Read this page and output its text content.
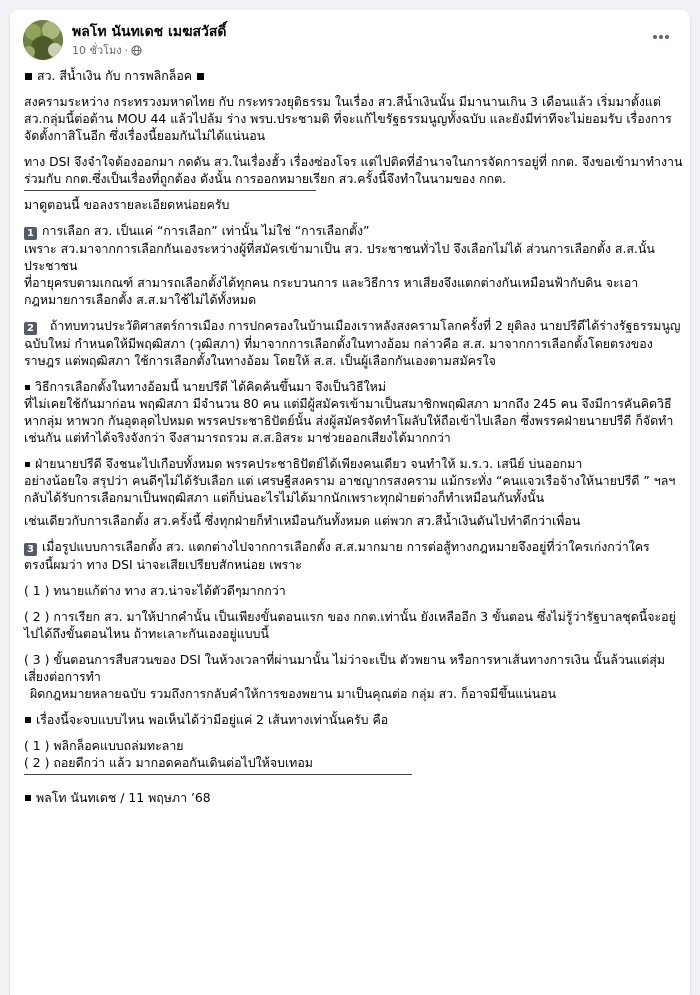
พลโท นันทเดช เมฆสวัสดิ์
10 ชั่วโมง ·

สว. สีน้ำเงิน กับ การพลิกล็อค

สงครามระหว่าง กระทรวงมหาดไทย กับ กระทรวงยุติธรรม ในเรื่อง สว.สีน้ำเงินนั้น มีมานานเกิน 3 เดือนแล้ว เริ่มมาตั้งแต่ สว.กลุ่มนี้ต่อต้าน MOU 44 แล้วไปล้ม ร่าง พรบ.ประชามติ ที่จะแก้ไขรัฐธรรมนูญทั้งฉบับ และยังมีท่าทีจะไม่ยอมรับ เรื่องการจัดตั้งกาสิโนอีก ซึ่งเรื่องนี้ยอมกันไม่ได้แน่นอน

ทาง DSI จึงจำใจต้องออกมา กดดัน สว.ในเรื่องฮั้ว เรื่องซ่องโจร แต่ไปติดที่อำนาจในการจัดการอยู่ที่ กกต. จึงขอเข้ามาทำงานร่วมกับ กกต.ซึ่งเป็นเรื่องที่ถูกต้อง ดังนั้น การออกหมายเรียก สว.ครั้งนี้จึงทำในนามของ กกต.

มาดูตอนนี้ ขอลงรายละเอียดหน่อยครับ

1 การเลือก สว. เป็นแค่ “การเลือก” เท่านั้น ไม่ใช่ “การเลือกตั้ง”

เพราะ สว.มาจากการเลือกกันเองระหว่างผู้ที่สมัครเข้ามาเป็น สว. ประชาชนทั่วไป จึงเลือกไม่ได้ ส่วนการเลือกตั้ง ส.ส.นั้น ประชาชน

ที่อายุครบตามเกณฑ์ สามารถเลือกตั้งได้ทุกคน กระบวนการ และวิธีการ หาเสียงจึงแตกต่างกันเหมือนฟ้ากับดิน จะเอากฎหมายการเลือกตั้ง ส.ส.มาใช้ไม่ได้ทั้งหมด

2 ถ้าทบทวนประวัติศาสตร์การเมือง การปกครองในบ้านเมืองเราหลังสงครามโลกครั้งที่ 2 ยุติลง นายปรีดีได้ร่างรัฐธรรมนูญฉบับใหม่ กำหนดให้มีพฤฒิสภา (วุฒิสภา) ที่มาจากการเลือกตั้งในทางอ้อม กล่าวคือ ส.ส. มาจากการเลือกตั้งโดยตรงของราษฎร แต่พฤฒิสภา ใช้การเลือกตั้งในทางอ้อม โดยให้ ส.ส. เป็นผู้เลือกกันเองตามสมัครใจ

วิธีการเลือกตั้งในทางอ้อมนี้ นายปรีดี ได้คิดค้นขึ้นมา จึงเป็นวิธีใหม่

ที่ไม่เคยใช้กันมาก่อน พฤฒิสภา มีจำนวน 80 คน แต่มีผู้สมัครเข้ามาเป็นสมาชิกพฤฒิสภา มากถึง 245 คน จึงมีการคันคิดวิธี หากลุ่ม หาพวก กันอุตลุดไปหมด พรรคประชาธิปัตย์นั้น ส่งผู้สมัครจัดทำโผลับให้ถือเข้าไปเลือก ซึ่งพรรคฝ่ายนายปรีดี ก็จัดทำเช่นกัน แต่ทำได้จริงจังกว่า จึงสามารถรวม ส.ส.อิสระ มาช่วยออกเสียงได้มากกว่า

ฝ่ายนายปรีดี จึงชนะไปเกือบทั้งหมด พรรคประชาธิปัตย์ได้เพียงคนเดียว จนทำให้ ม.ร.ว. เสนีย์ บ่นออกมา

อย่างน้อยใจ สรุปว่า คนดีๆไม่ได้รับเลือก แต่ เศรษฐีสงคราม อาชญากรสงคราม แม้กระทั่ง “คนแจวเรือจ้างให้นายปรีดี ” ฯลฯ กลับได้รับการเลือกมาเป็นพฤฒิสภา แต่ก็บ่นอะไรไม่ได้มากนักเพราะทุกฝ่ายต่างก็ทำเหมือนกันทั้งนั้น

เช่นเดียวกับการเลือกตั้ง สว.ครั้งนี้ ซึ่งทุกฝ่ายก็ทำเหมือนกันทั้งหมด แต่พวก สว.สีน้ำเงินดันไปทำดีกว่าเพื่อน

3 เมื่อรูปแบบการเลือกตั้ง สว. แตกต่างไปจากการเลือกตั้ง ส.ส.มากมาย การต่อสู้ทางกฎหมายจึงอยู่ที่ว่าใครเก่งกว่าใคร

ตรงนี้ผมว่า ทาง DSI น่าจะเสียเปรียบสักหน่อย เพราะ

( 1 ) ทนายแก้ต่าง ทาง สว.น่าจะได้ตัวดีๆมากกว่า

( 2 ) การเรียก สว. มาให้ปากคำนั้น เป็นเพียงขั้นตอนแรก ของ กกต.เท่านั้น ยังเหลืออีก 3 ขั้นตอน ซึ่งไม่รู้ว่ารัฐบาลชุดนี้จะอยู่ไปได้ถึงขั้นตอนไหน ถ้าทะเลาะกันเองอยู่แบบนี้

( 3 ) ขั้นตอนการสืบสวนของ DSI ในห้วงเวลาที่ผ่านมานั้น ไม่ว่าจะเป็น ตัวพยาน หรือการหาเส้นทางการเงิน นั้นล้วนแต่สุ่มเสี่ยงต่อการทำ

ผิดกฎหมายหลายฉบับ รวมถึงการกลับคำให้การของพยาน มาเป็นคุณต่อ กลุ่ม สว. ก็อาจมีขึ้นแน่นอน

เรื่องนี้จะจบแบบไหน พอเห็นได้ว่ามีอยู่แค่ 2 เส้นทางเท่านั้นครับ คือ

( 1 ) พลิกล็อคแบบถล่มทะลาย

( 2 ) ถอยดีกว่า แล้ว มากอดคอกันเดินต่อไปให้จบเทอม

พลโท นันทเดช / 11 พฤษภา ’68
